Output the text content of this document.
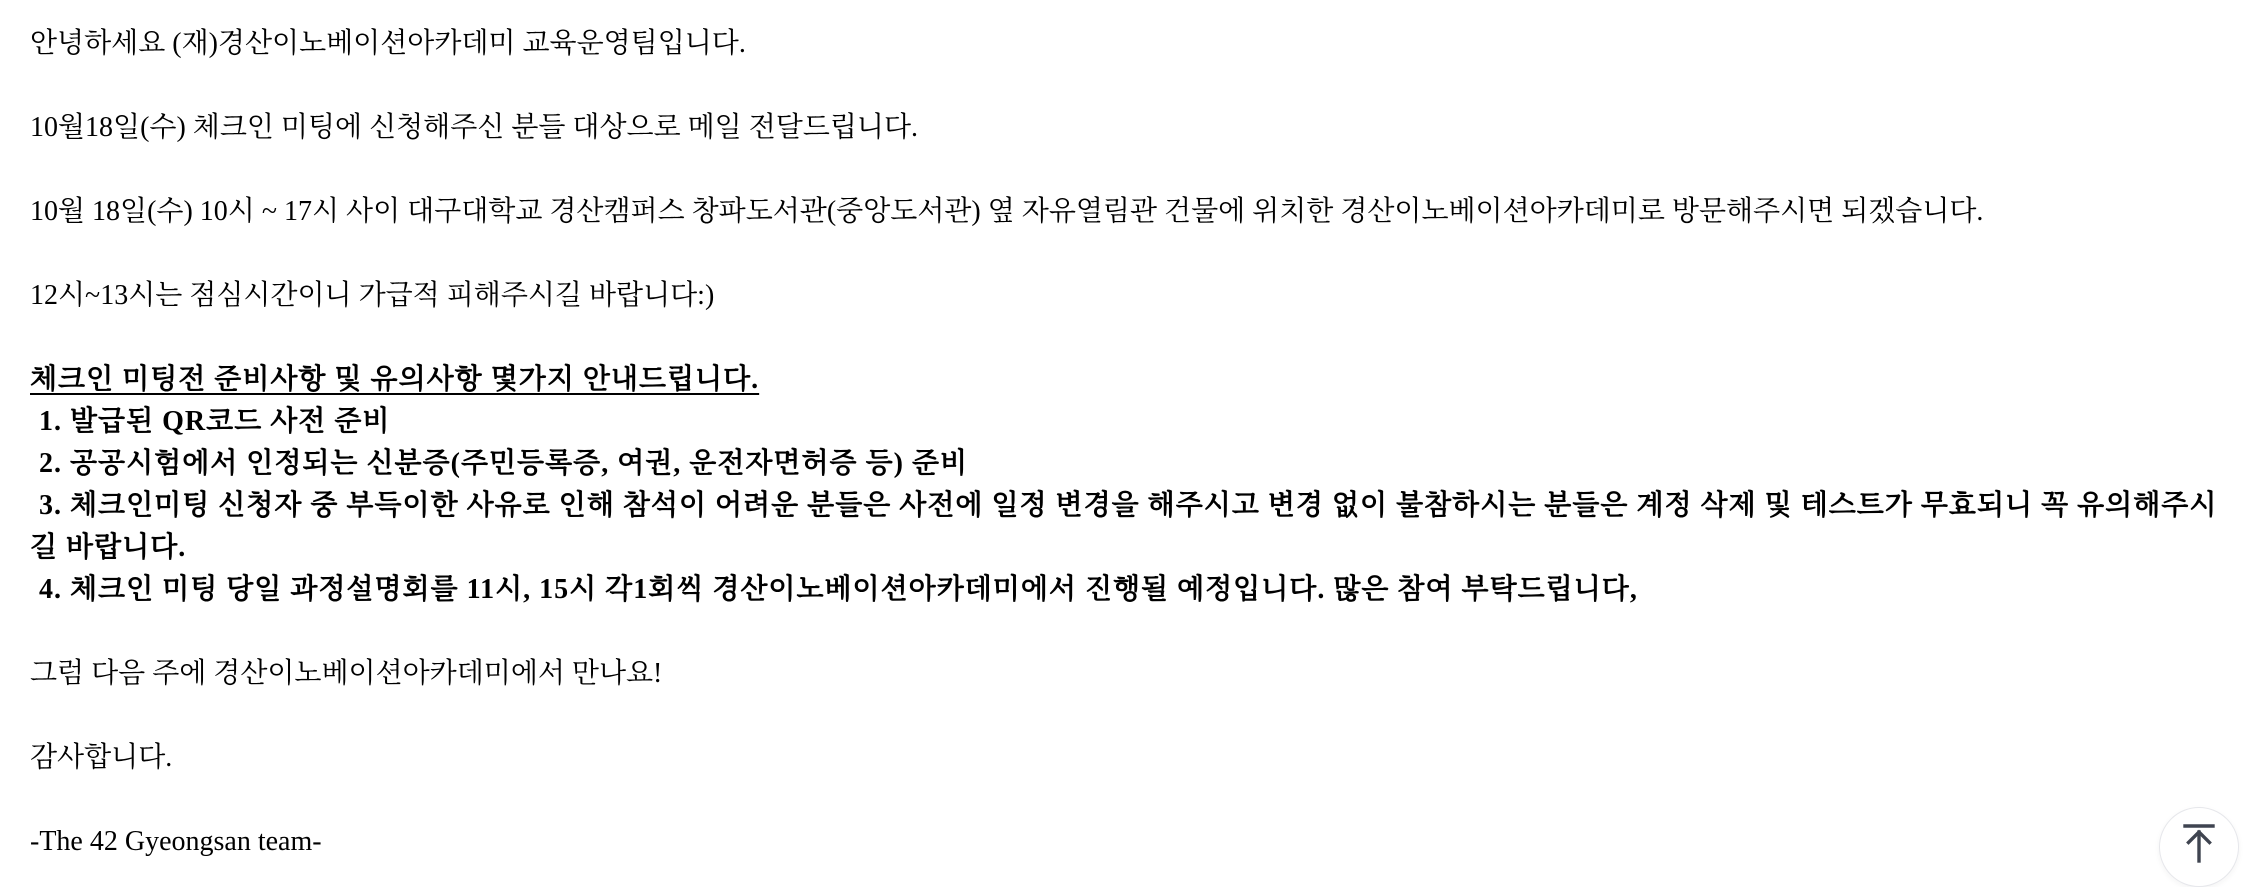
안녕하세요 (재)경산이노베이션아카데미 교육운영팀입니다.

10월18일(수) 체크인 미팅에 신청해주신 분들 대상으로 메일 전달드립니다.

10월 18일(수) 10시 ~ 17시 사이 대구대학교 경산캠퍼스 창파도서관(중앙도서관) 옆 자유열림관 건물에 위치한 경산이노베이션아카데미로 방문해주시면 되겠습니다.

12시~13시는 점심시간이니 가급적 피해주시길 바랍니다:)

체크인 미팅전 준비사항 및 유의사항 몇가지 안내드립니다.

1. 발급된 QR코드 사전 준비

2. 공공시험에서 인정되는 신분증(주민등록증, 여권, 운전자면허증 등) 준비

3. 체크인미팅 신청자 중 부득이한 사유로 인해 참석이 어려운 분들은 사전에 일정 변경을 해주시고 변경 없이 불참하시는 분들은 계정 삭제 및 테스트가 무효되니 꼭 유의해주시길 바랍니다.

4. 체크인 미팅 당일 과정설명회를 11시, 15시 각1회씩 경산이노베이션아카데미에서 진행될 예정입니다. 많은 참여 부탁드립니다,

그럼 다음 주에 경산이노베이션아카데미에서 만나요!

감사합니다.

-The 42 Gyeongsan team-
